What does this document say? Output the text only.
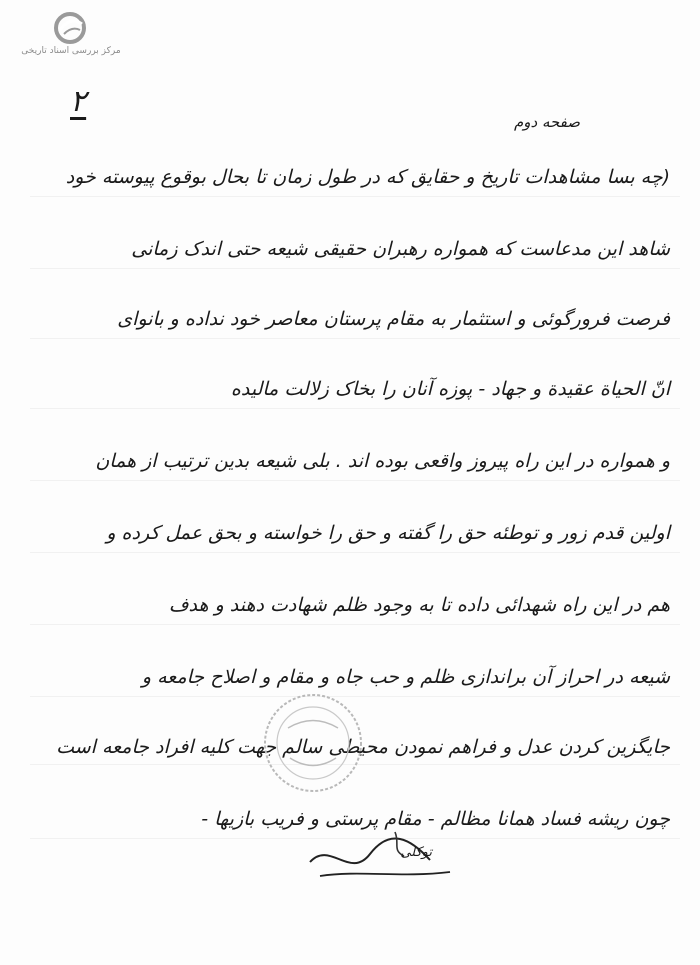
مرکز بررسی اسناد تاریخی
۲
صفحه دوم
(چه بسا مشاهدات تاریخ و حقایق که در طول زمان تا بحال بوقوع پیوسته خود
شاهد این مدعاست که همواره رهبران حقیقی شیعه حتی اندک زمانی
فرصت فرورگوئی و استثمار به مقام پرستان معاصر خود نداده و بانوای
انّ الحیاة عقیدة و جهاد - پوزه آنان را بخاک زلالت مالیده
و همواره در این راه پیروز واقعی بوده اند . بلی شیعه بدین ترتیب از همان
اولین قدم زور و توطئه حق را گفته و حق را خواسته و بحق عمل کرده و
هم در این راه شهدائی داده تا به وجود ظلم شهادت دهند و هدف
شیعه در احراز آن براندازی ظلم و حب جاه و مقام و اصلاح جامعه و
جایگزین کردن عدل و فراهم نمودن محیطی سالم جهت کلیه افراد جامعه است
چون ریشه فساد همانا مظالم - مقام پرستی و فریب بازیها -
توکلی
